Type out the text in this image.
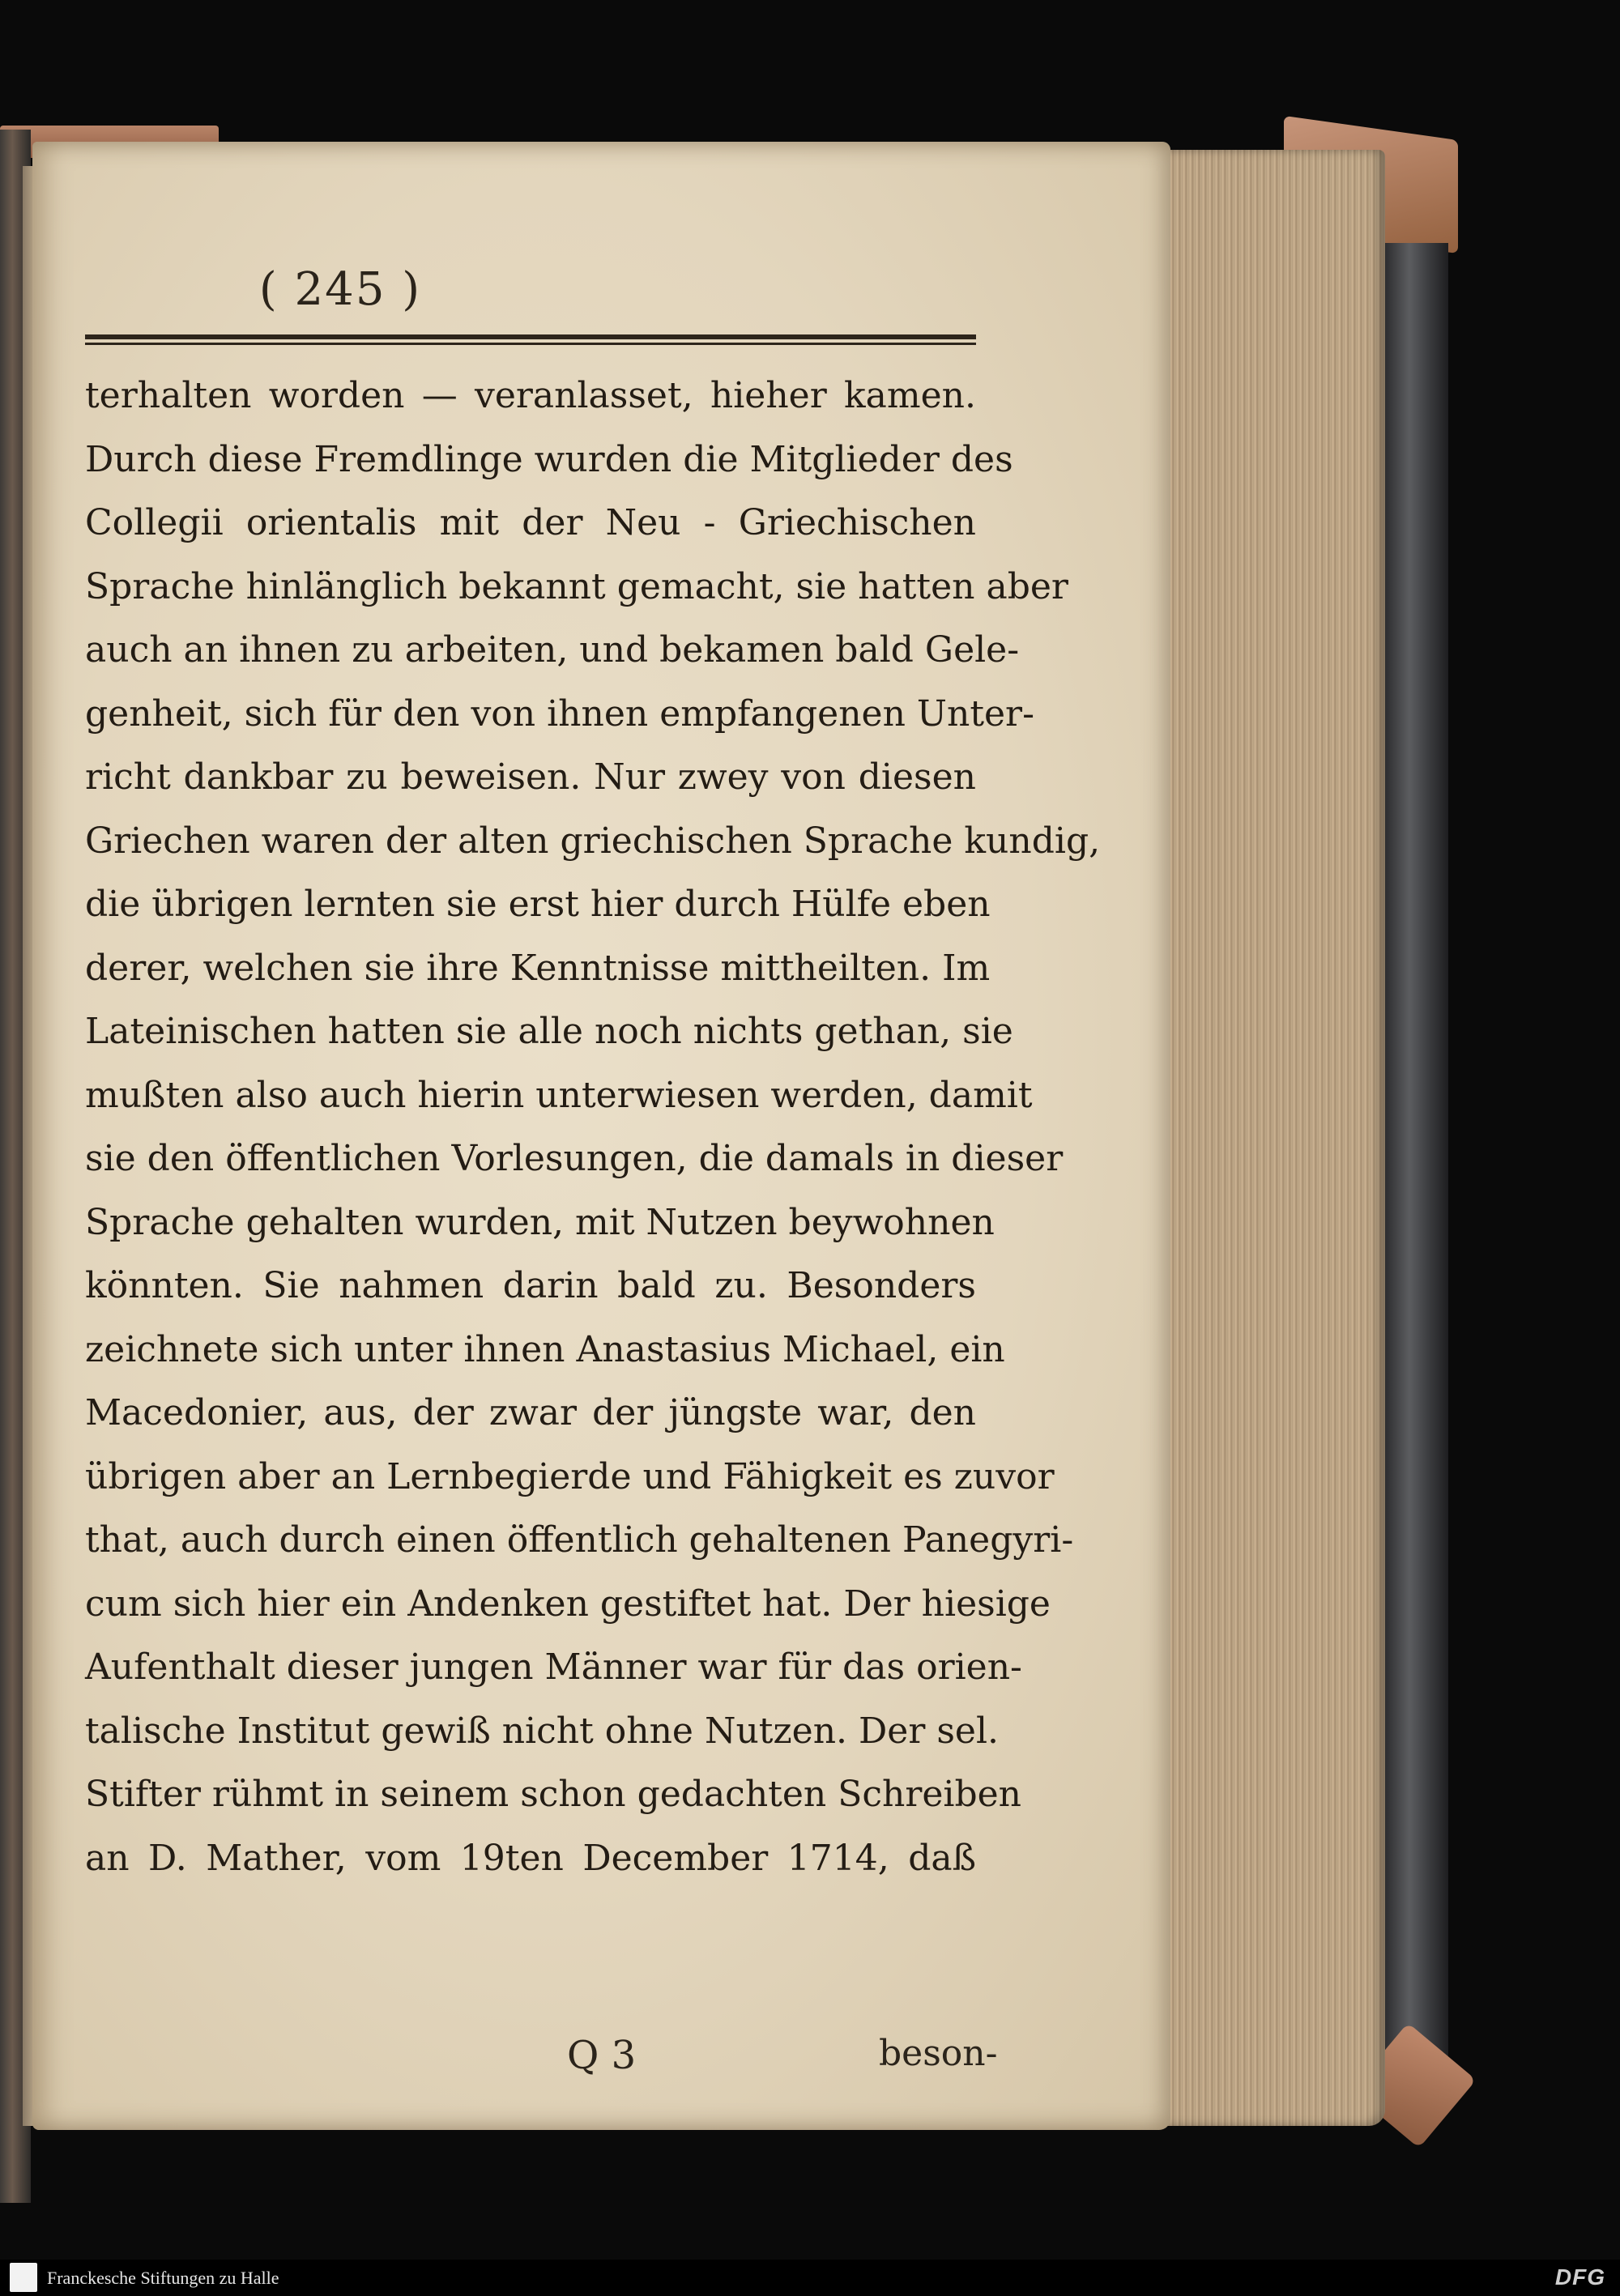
( 245 )
terhalten worden — veranlasset, hieher kamen.
Durch diese Fremdlinge wurden die Mitglieder des
Collegii orientalis mit der Neu - Griechischen
Sprache hinlänglich bekannt gemacht, sie hatten aber
auch an ihnen zu arbeiten, und bekamen bald Gele-
genheit, sich für den von ihnen empfangenen Unter-
richt dankbar zu beweisen. Nur zwey von diesen
Griechen waren der alten griechischen Sprache kundig,
die übrigen lernten sie erst hier durch Hülfe eben
derer, welchen sie ihre Kenntnisse mittheilten. Im
Lateinischen hatten sie alle noch nichts gethan, sie
mußten also auch hierin unterwiesen werden, damit
sie den öffentlichen Vorlesungen, die damals in dieser
Sprache gehalten wurden, mit Nutzen beywohnen
könnten. Sie nahmen darin bald zu. Besonders
zeichnete sich unter ihnen Anastasius Michael, ein
Macedonier, aus, der zwar der jüngste war, den
übrigen aber an Lernbegierde und Fähigkeit es zuvor
that, auch durch einen öffentlich gehaltenen Panegyri-
cum sich hier ein Andenken gestiftet hat. Der hiesige
Aufenthalt dieser jungen Männer war für das orien-
talische Institut gewiß nicht ohne Nutzen. Der sel.
Stifter rühmt in seinem schon gedachten Schreiben
an D. Mather, vom 19ten December 1714, daß
Q 3	beson-
Franckesche Stiftungen zu Halle	DFG
